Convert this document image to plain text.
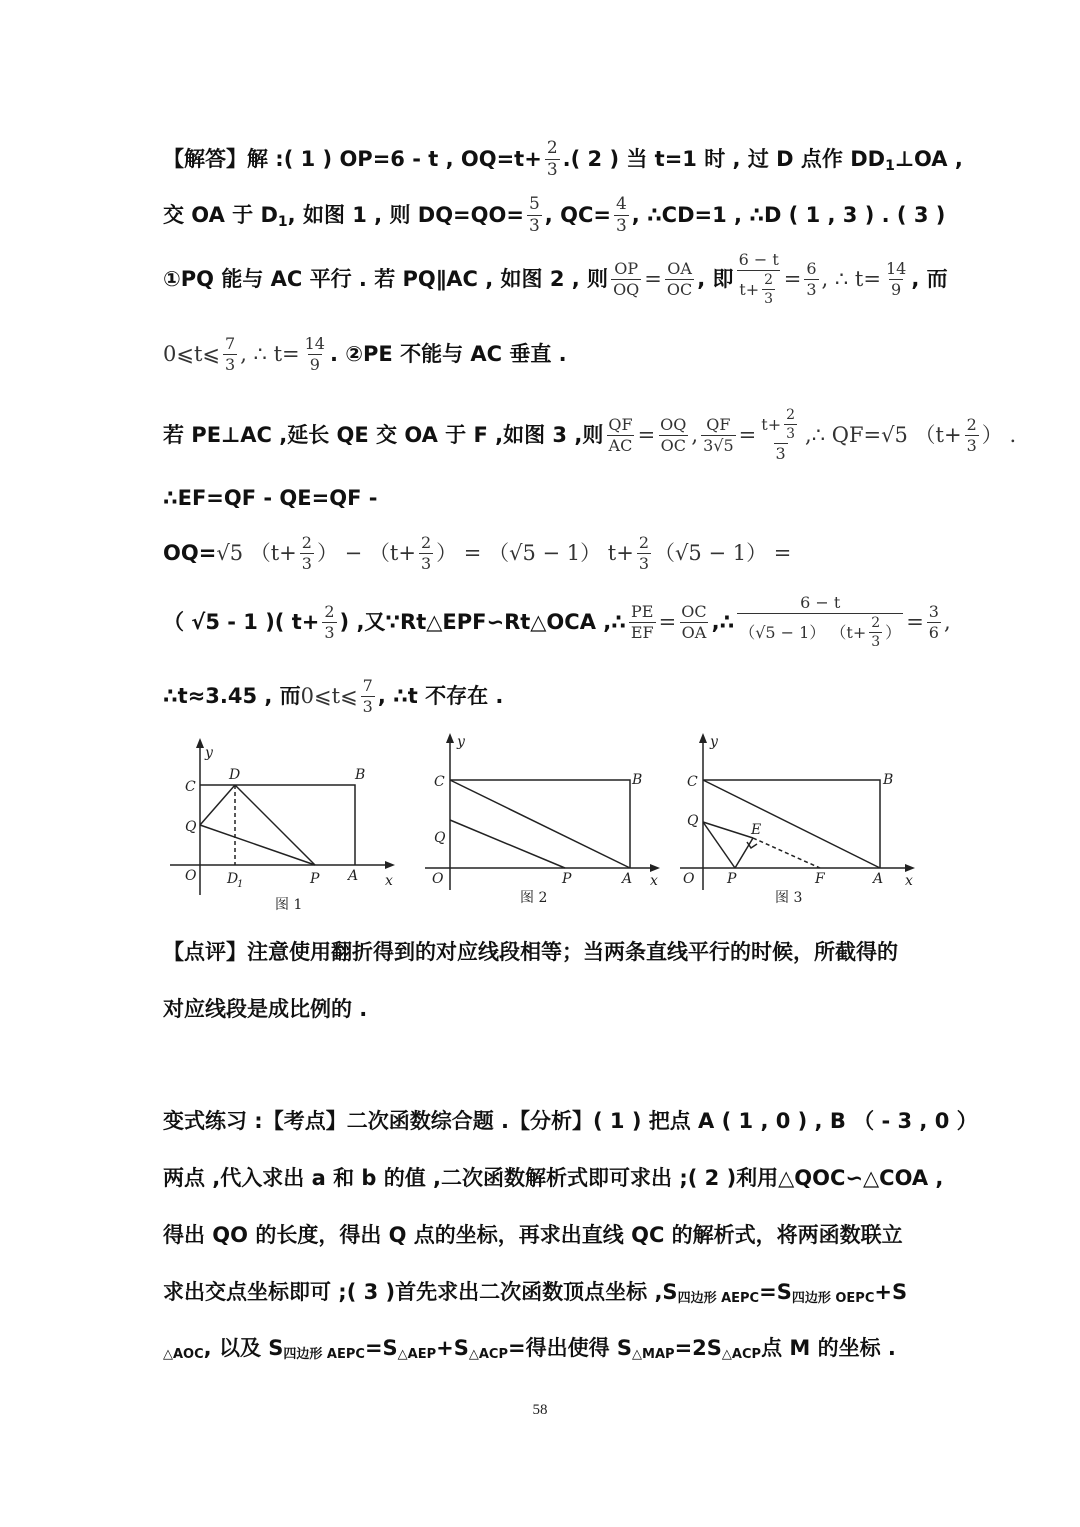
【解答】解 :( 1 ) OP=6 - t , $OQ=t+ \frac{2}{3}$ .( 2 ) 当 t=1 时 , 过 D 点作 DD 1 ⊥OA ,
交 OA 于 D 1 , 如图 1 , 则 $DQ=QO= \frac{5}{3}$ , $QC= \frac{4}{3}$ , ∴CD=1 , ∴D ( 1 , 3 ) . ( 3 )
①PQ 能与 AC 平行 . 若 PQ∥AC , 如图 2 , 则 $\frac{OP}{OQ} = \frac{OA}{OC}$ , 即 $\frac{6 - t}{t+ \frac{2}{3}} = \frac{6}{3}$ , ∴ $t= \frac{14}{9}$ , 而
0⩽t⩽ $\frac{7}{3}$ , ∴ $t= \frac{14}{9}$ . ②PE 不能与 AC 垂直 .
若 PE⊥AC ,延长 QE 交 OA 于 F ,如图 3 ,则 $\frac{QF}{AC} = \frac{OQ}{OC}$ , $\frac{QF}{3√5} = \frac{t+ \frac{2}{3}}{3}$ ,∴ QF=√5 （$t+ \frac{2}{3}$ ） .
∴EF=QF - QE=QF -
OQ= √5 （$t+ \frac{2}{3}$ ） − （$t+ \frac{2}{3}$ ） = （√5 − 1） $t+ \frac{2}{3} (√5 - 1)$ =
（ √5 - 1 )( $t+ \frac{2}{3}$ ) ,又∵Rt△EPF∽Rt△OCA ,∴ $\frac{PE}{EF} = \frac{OC}{OA}$ ,∴ $\frac{6 - t}{(√5 - 1) (t+ \frac{2}{3} )} = \frac{3}{6}$ ,
∴t≈3.45 , 而 0⩽t⩽ $\frac{7}{3}$ , ∴t 不存在 .
y
x
O
C
Q
D	B
A
P
D
1
图 1
y
x
O
C
Q
B
A
P
图 2
y
x
O
C
Q
E
B
A
P	F
图 3
【点评】注意使用翻折得到的对应线段相等；当两条直线平行的时候，所截得的
对应线段是成比例的 .
变式练习 :【考点】二次函数综合题 .【分析】( 1 ) 把点 A ( 1 , 0 ) , B （ - 3 , 0 ）
两点 ,代入求出 a 和 b 的值 ,二次函数解析式即可求出 ;( 2 )利用△QOC∽△COA ,
得出 QO 的长度，得出 Q 点的坐标，再求出直线 QC 的解析式，将两函数联立
求出交点坐标即可 ;( 3 )首先求出二次函数顶点坐标 ,S 四边形 AEPC =S 四边形 OEPC +S
△AOC , 以及 S 四边形 AEPC =S △AEP +S △ACP =得出使得 S △MAP =2S △ACP 点 M 的坐标 .
58
